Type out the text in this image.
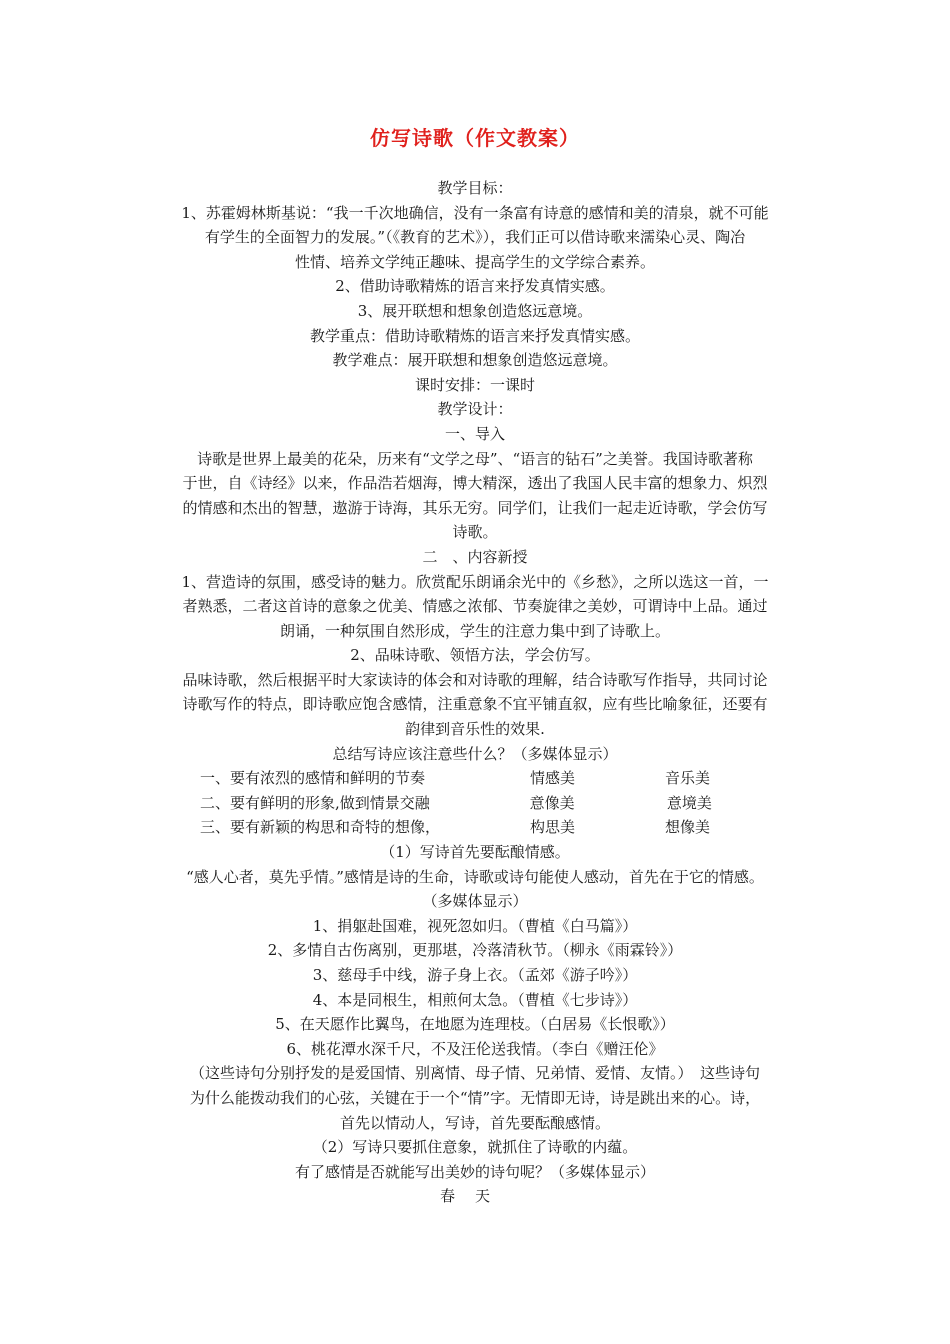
仿写诗歌（作文教案）
教学目标：
1、苏霍姆林斯基说：“我一千次地确信，没有一条富有诗意的感情和美的清泉，就不可能
有学生的全面智力的发展。”（《教育的艺术》），我们正可以借诗歌来濡染心灵、陶冶
性情、培养文学纯正趣味、提高学生的文学综合素养。
2、借助诗歌精炼的语言来抒发真情实感。
3、展开联想和想象创造悠远意境。
教学重点：借助诗歌精炼的语言来抒发真情实感。
教学难点：展开联想和想象创造悠远意境。
课时安排：一课时
教学设计：
一、导入
诗歌是世界上最美的花朵，历来有“文学之母”、“语言的钻石”之美誉。我国诗歌著称
于世，自《诗经》以来，作品浩若烟海，博大精深，透出了我国人民丰富的想象力、炽烈
的情感和杰出的智慧，遨游于诗海，其乐无穷。同学们，让我们一起走近诗歌，学会仿写
诗歌。
二　、内容新授
1、营造诗的氛围，感受诗的魅力。欣赏配乐朗诵余光中的《乡愁》，之所以选这一首，一
者熟悉，二者这首诗的意象之优美、情感之浓郁、节奏旋律之美妙，可谓诗中上品。通过
朗诵，一种氛围自然形成，学生的注意力集中到了诗歌上。
2、品味诗歌、领悟方法，学会仿写。
品味诗歌，然后根据平时大家读诗的体会和对诗歌的理解，结合诗歌写作指导，共同讨论
诗歌写作的特点，即诗歌应饱含感情，注重意象不宜平铺直叙，应有些比喻象征，还要有
韵律到音乐性的效果.
总结写诗应该注意些什么？（多媒体显示）
一、要有浓烈的感情和鲜明的节奏	情感美	音乐美
二、要有鲜明的形象,做到情景交融	意像美	意境美
三、要有新颖的构思和奇特的想像，	构思美	想像美
（1）写诗首先要酝酿情感。
“感人心者，莫先乎情。”感情是诗的生命，诗歌或诗句能使人感动，首先在于它的情感。
（多媒体显示）
1、捐躯赴国难，视死忽如归。（曹植《白马篇》）
2、多情自古伤离别，更那堪，冷落清秋节。（柳永《雨霖铃》）
3、慈母手中线，游子身上衣。（孟郊《游子吟》）
4、本是同根生，相煎何太急。（曹植《七步诗》）
5、在天愿作比翼鸟，在地愿为连理枝。（白居易《长恨歌》）
6、桃花潭水深千尺，不及汪伦送我情。（李白《赠汪伦》
（这些诗句分别抒发的是爱国情、别离情、母子情、兄弟情、爱情、友情。）　这些诗句
为什么能拨动我们的心弦，关键在于一个“情”字。无情即无诗，诗是跳出来的心。诗，
首先以情动人，写诗，首先要酝酿感情。
（2）写诗只要抓住意象，就抓住了诗歌的内蕴。
有了感情是否就能写出美妙的诗句呢？（多媒体显示）
春天
